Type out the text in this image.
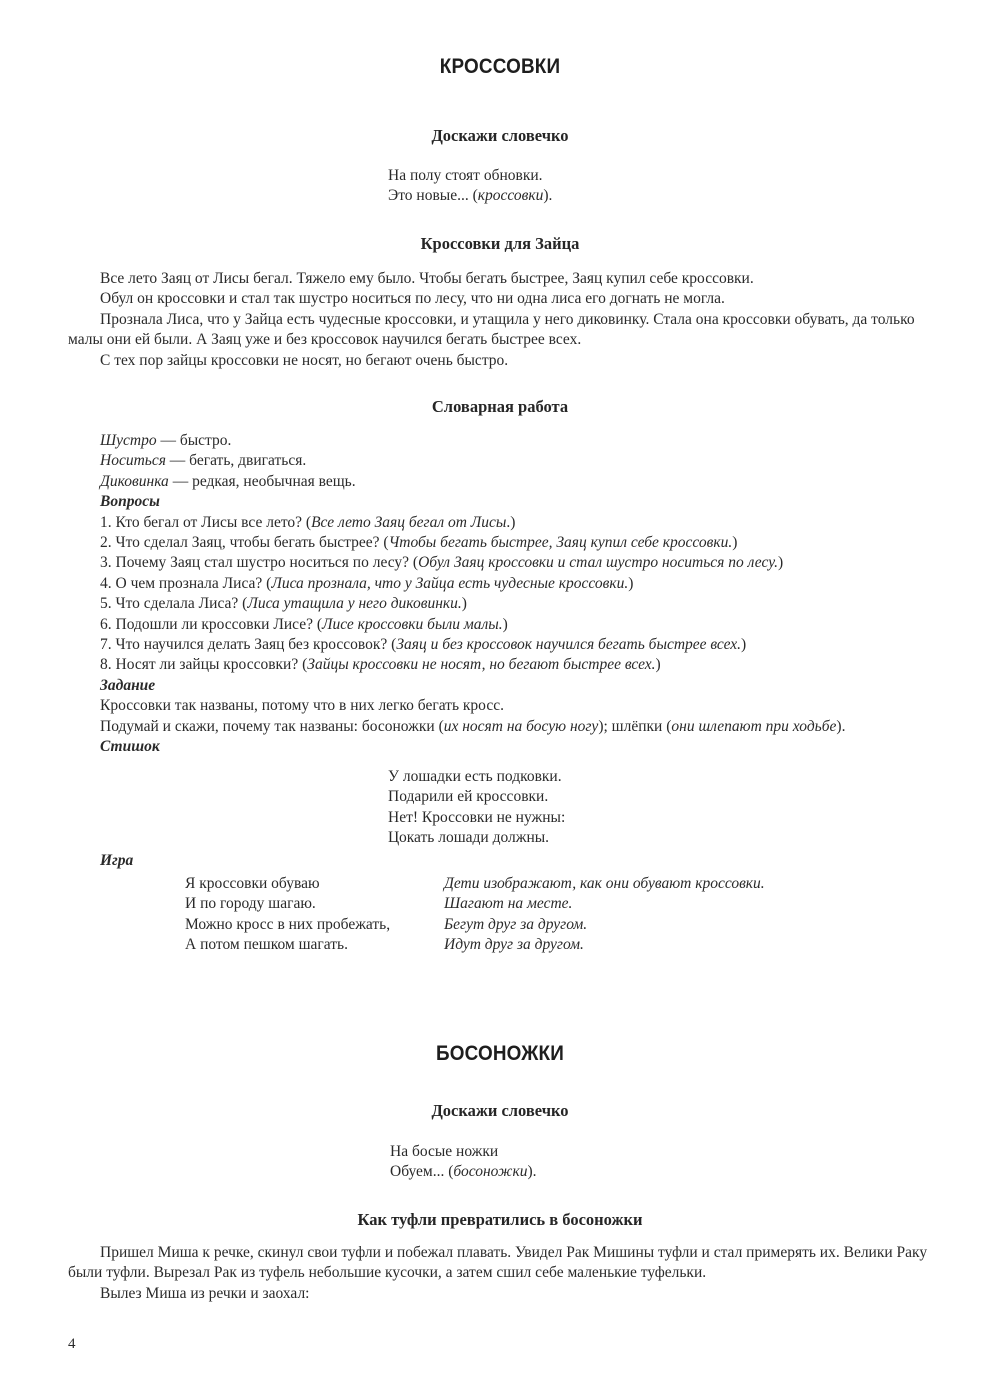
КРОССОВКИ
Доскажи словечко
На полу стоят обновки.
Это новые... (кроссовки).
Кроссовки для Зайца

Все лето Заяц от Лисы бегал. Тяжело ему было. Чтобы бегать быстрее, Заяц купил себе кроссовки.

Обул он кроссовки и стал так шустро носиться по лесу, что ни одна лиса его догнать не могла.

Прознала Лиса, что у Зайца есть чудесные кроссовки, и утащила у него диковинку. Стала она кроссовки обувать, да только малы они ей были. А Заяц уже и без кроссовок научился бегать быстрее всех.

С тех пор зайцы кроссовки не носят, но бегают очень быстро.

Словарная работа
Шустро — быстро.
Носиться — бегать, двигаться.
Диковинка — редкая, необычная вещь.
Вопросы
1. Кто бегал от Лисы все лето? (Все лето Заяц бегал от Лисы.)
2. Что сделал Заяц, чтобы бегать быстрее? (Чтобы бегать быстрее, Заяц купил себе кроссовки.)
3. Почему Заяц стал шустро носиться по лесу? (Обул Заяц кроссовки и стал шустро носиться по лесу.)
4. О чем прознала Лиса? (Лиса прознала, что у Зайца есть чудесные кроссовки.)
5. Что сделала Лиса? (Лиса утащила у него диковинки.)
6. Подошли ли кроссовки Лисе? (Лисе кроссовки были малы.)
7. Что научился делать Заяц без кроссовок? (Заяц и без кроссовок научился бегать быстрее всех.)
8. Носят ли зайцы кроссовки? (Зайцы кроссовки не носят, но бегают быстрее всех.)
Задание
Кроссовки так названы, потому что в них легко бегать кросс.
Подумай и скажи, почему так названы: босоножки (их носят на босую ногу); шлёпки (они шлепают при ходьбе).
Стишок
У лошадки есть подковки.
Подарили ей кроссовки.
Нет! Кроссовки не нужны:
Цокать лошади должны.
Игра
Я кроссовки обуваю
И по городу шагаю.
Можно кросс в них пробежать,
А потом пешком шагать.
Дети изображают, как они обувают кроссовки.
Шагают на месте.
Бегут друг за другом.
Идут друг за другом.
БОСОНОЖКИ
Доскажи словечко
На босые ножки
Обуем... (босоножки).
Как туфли превратились в босоножки

Пришел Миша к речке, скинул свои туфли и побежал плавать. Увидел Рак Мишины туфли и стал примерять их. Велики Раку были туфли. Вырезал Рак из туфель небольшие кусочки, а затем сшил себе маленькие туфельки.

Вылез Миша из речки и заохал:

4
